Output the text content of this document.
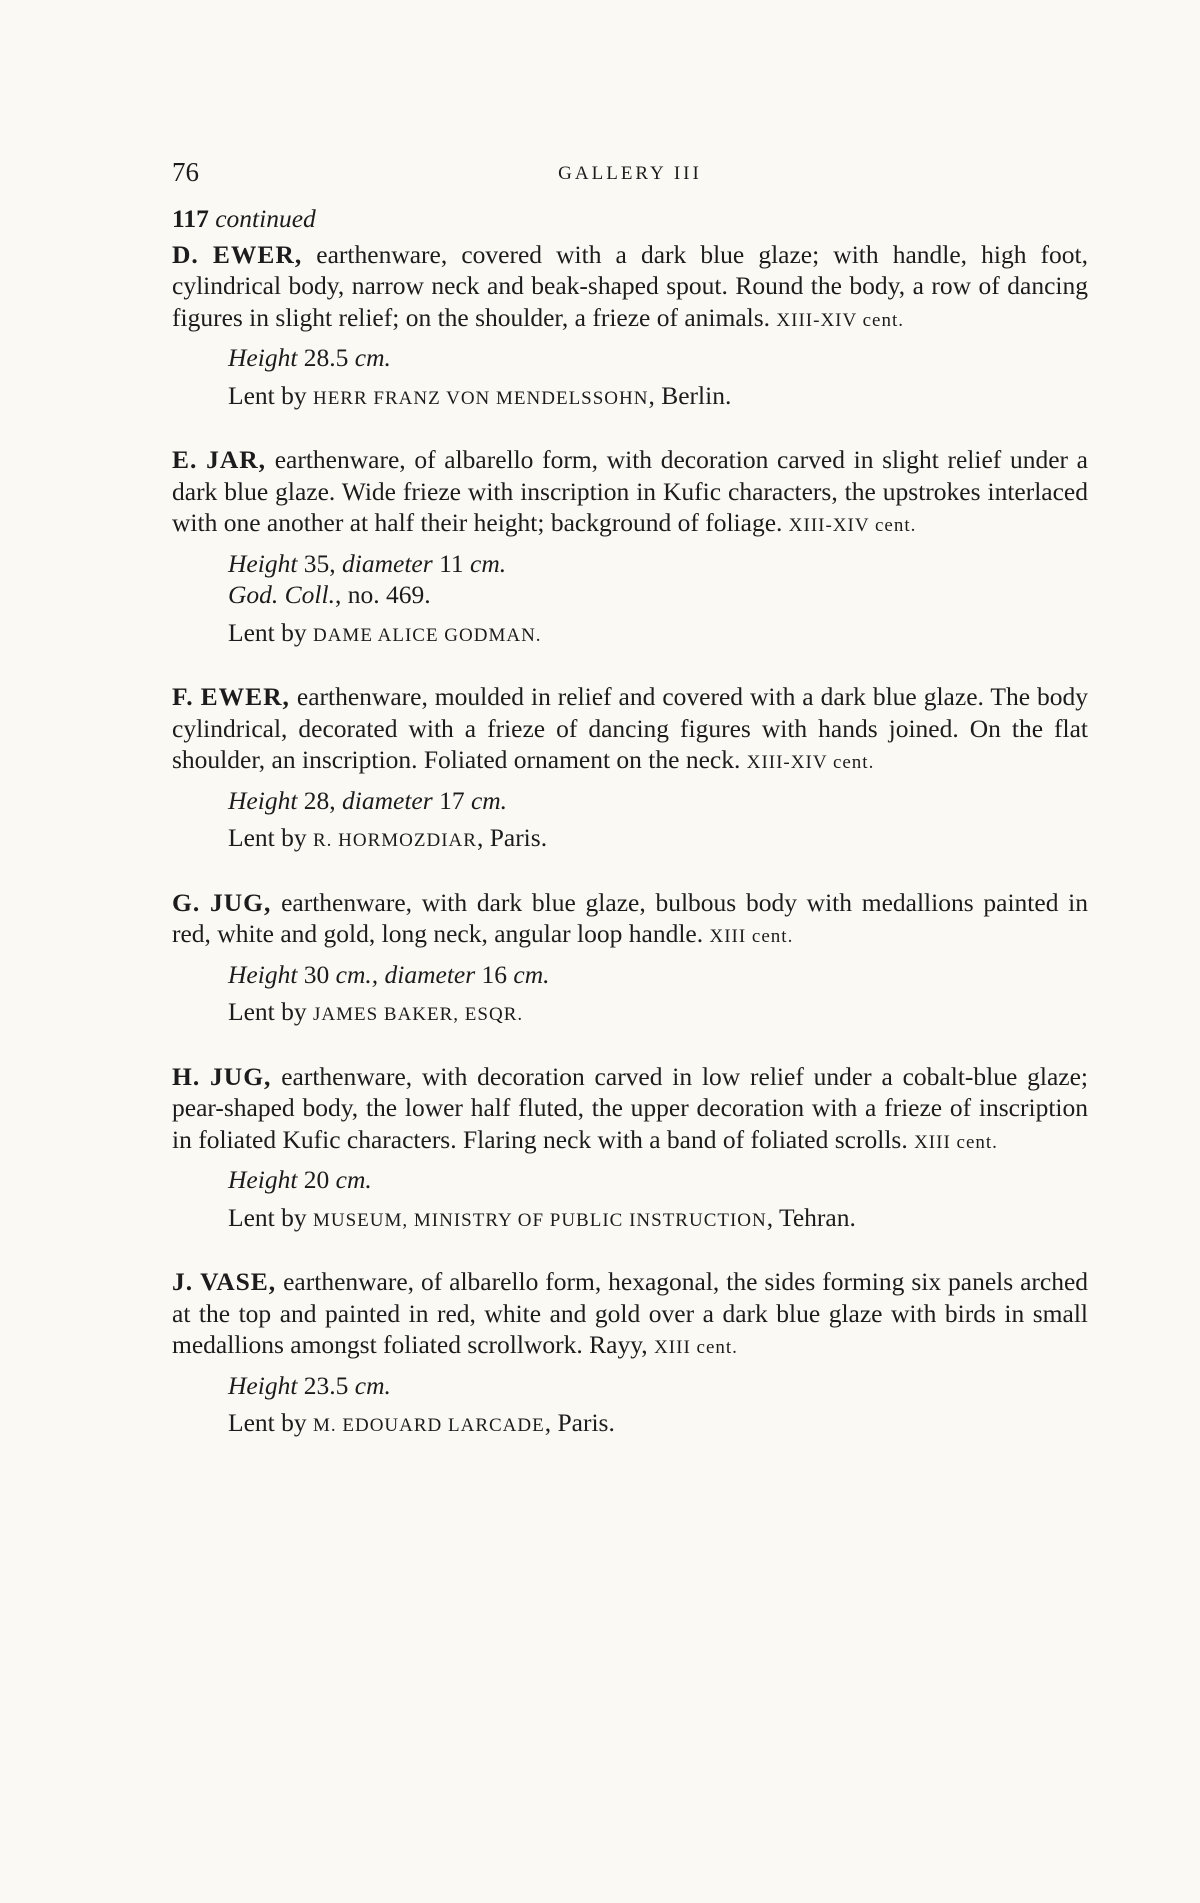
76	GALLERY III

117 continued

D. EWER, earthenware, covered with a dark blue glaze; with handle, high foot, cylindrical body, narrow neck and beak-shaped spout. Round the body, a row of dancing figures in slight relief; on the shoulder, a frieze of animals. XIII-XIV cent.

Height 28.5 cm.

Lent by HERR FRANZ VON MENDELSSOHN, Berlin.

E. JAR, earthenware, of albarello form, with decoration carved in slight relief under a dark blue glaze. Wide frieze with inscription in Kufic characters, the upstrokes interlaced with one another at half their height; background of foliage. XIII-XIV cent.

Height 35, diameter 11 cm.

God. Coll., no. 469.

Lent by DAME ALICE GODMAN.

F. EWER, earthenware, moulded in relief and covered with a dark blue glaze. The body cylindrical, decorated with a frieze of dancing figures with hands joined. On the flat shoulder, an inscription. Foliated ornament on the neck. XIII-XIV cent.

Height 28, diameter 17 cm.

Lent by R. HORMOZDIAR, Paris.

G. JUG, earthenware, with dark blue glaze, bulbous body with medallions painted in red, white and gold, long neck, angular loop handle. XIII cent.

Height 30 cm., diameter 16 cm.

Lent by JAMES BAKER, ESQR.

H. JUG, earthenware, with decoration carved in low relief under a cobalt-blue glaze; pear-shaped body, the lower half fluted, the upper decoration with a frieze of inscription in foliated Kufic characters. Flaring neck with a band of foliated scrolls. XIII cent.

Height 20 cm.

Lent by MUSEUM, MINISTRY OF PUBLIC INSTRUCTION, Tehran.

J. VASE, earthenware, of albarello form, hexagonal, the sides forming six panels arched at the top and painted in red, white and gold over a dark blue glaze with birds in small medallions amongst foliated scrollwork. Rayy, XIII cent.

Height 23.5 cm.

Lent by M. EDOUARD LARCADE, Paris.
